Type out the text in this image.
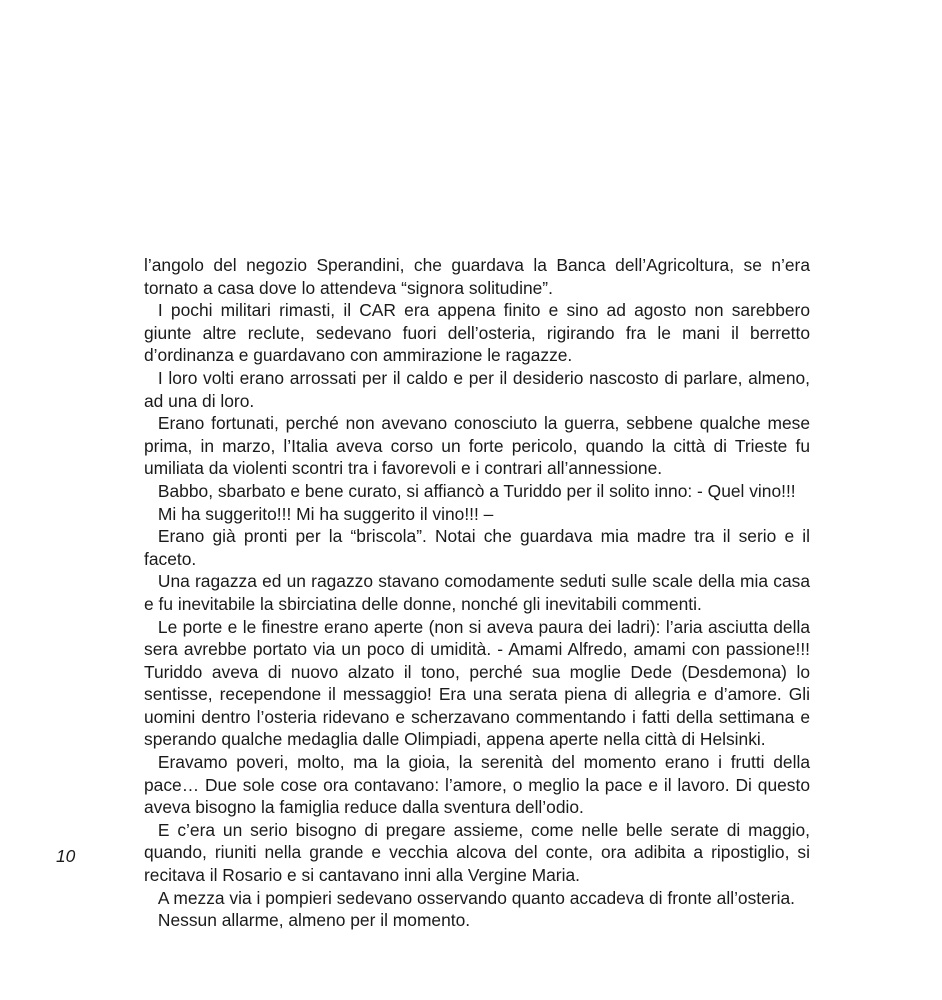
l’angolo del negozio Sperandini, che guardava la Banca dell’Agricoltura, se n’era tornato a casa dove lo attendeva “signora solitudine”.

I pochi militari rimasti, il CAR era appena finito e sino ad agosto non sarebbero giunte altre reclute, sedevano fuori dell’osteria, rigirando fra le mani il berretto d’ordinanza e guardavano con ammirazione le ragazze.

I loro volti erano arrossati per il caldo e per il desiderio nascosto di parlare, almeno, ad una di loro.

Erano fortunati, perché non avevano conosciuto la guerra, sebbene qualche mese prima, in marzo, l’Italia aveva corso un forte pericolo, quando la città di Trieste fu umiliata da violenti scontri tra i favorevoli e i contrari all’annessione.

Babbo, sbarbato e bene curato, si affiancò a Turiddo per il solito inno: - Quel vino!!!

Mi ha suggerito!!! Mi ha suggerito il vino!!! –

Erano già pronti per la “briscola”. Notai che guardava mia madre tra il serio e il faceto.

Una ragazza ed un ragazzo stavano comodamente seduti sulle scale della mia casa e fu inevitabile la sbirciatina delle donne, nonché gli inevitabili commenti.

Le porte e le finestre erano aperte (non si aveva paura dei ladri): l’aria asciutta della sera avrebbe portato via un poco di umidità. - Amami Alfredo, amami con passione!!! Turiddo aveva di nuovo alzato il tono, perché sua moglie Dede (Desdemona) lo sentisse, recependone il messaggio! Era una serata piena di allegria e d’amore. Gli uomini dentro l’osteria ridevano e scherzavano commentando i fatti della settimana e sperando qualche medaglia dalle Olimpiadi, appena aperte nella città di Helsinki.

Eravamo poveri, molto, ma la gioia, la serenità del momento erano i frutti della pace… Due sole cose ora contavano: l’amore, o meglio la pace e il lavoro. Di questo aveva bisogno la famiglia reduce dalla sventura dell’odio.

E c’era un serio bisogno di pregare assieme, come nelle belle serate di maggio, quando, riuniti nella grande e vecchia alcova del conte, ora adibita a ripostiglio, si recitava il Rosario e si cantavano inni alla Vergine Maria.

A mezza via i pompieri sedevano osservando quanto accadeva di fronte all’osteria.

Nessun allarme, almeno per il momento.

10
